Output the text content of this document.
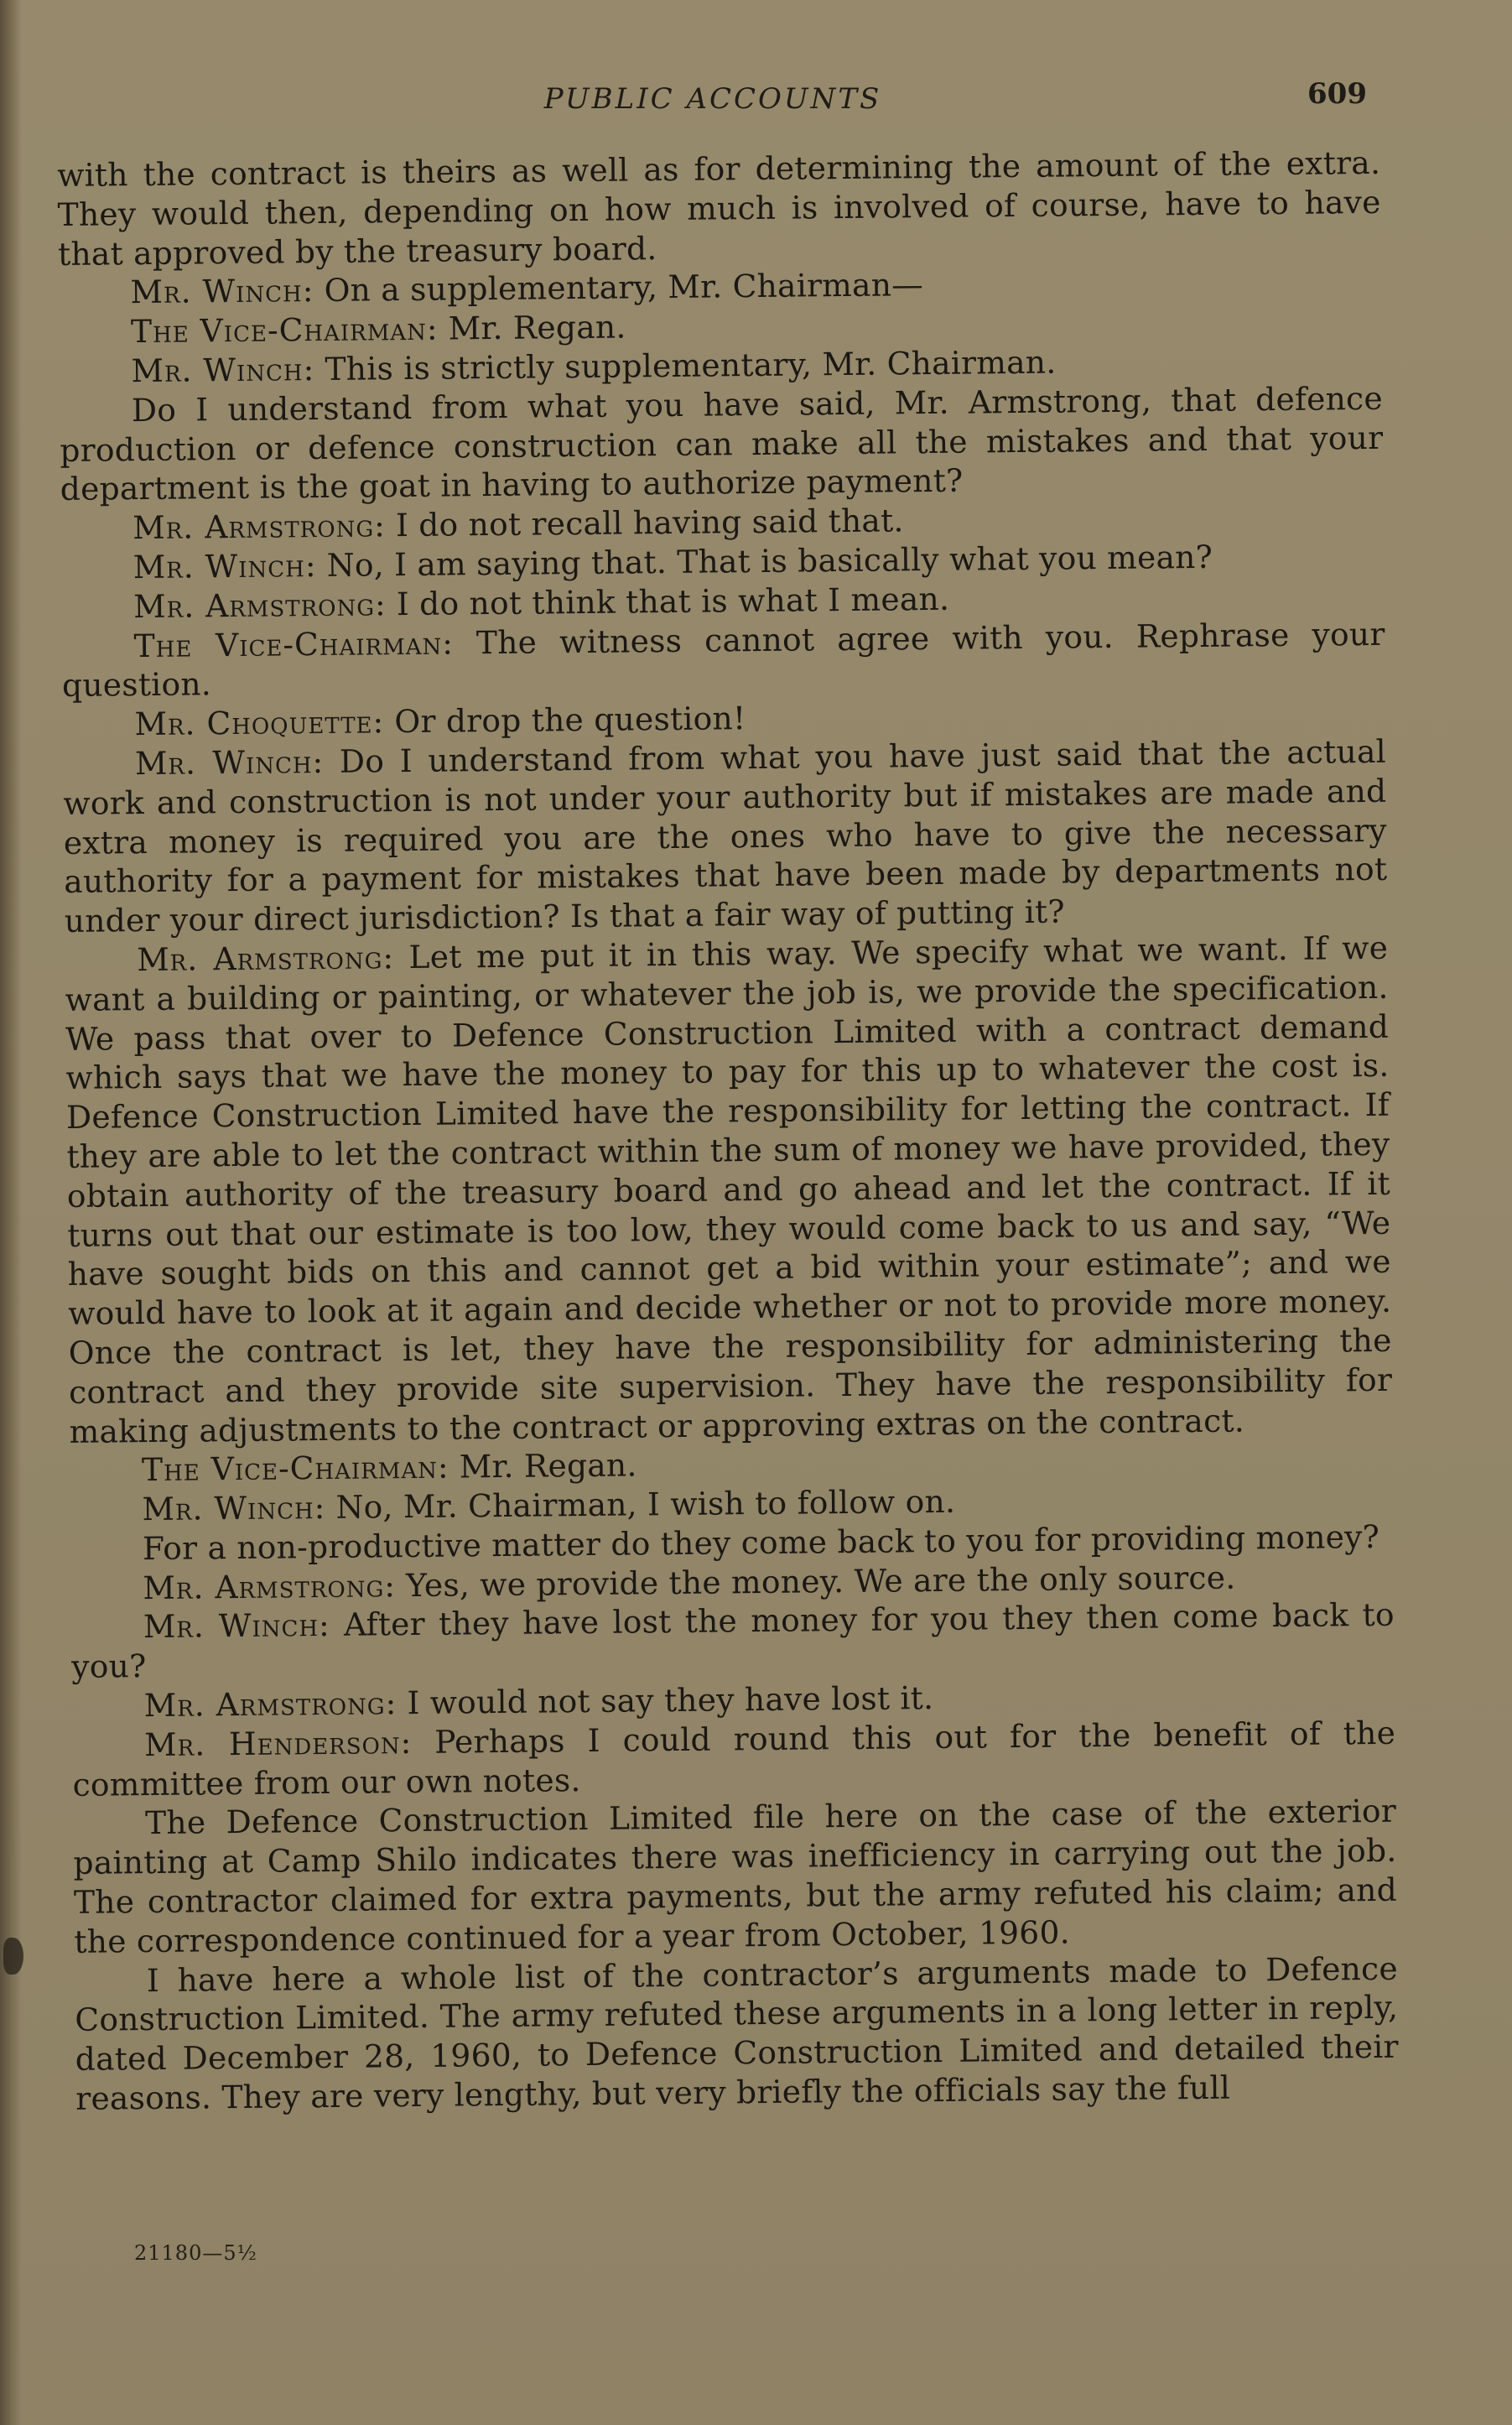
PUBLIC ACCOUNTS	609

with the contract is theirs as well as for determining the amount of the extra. They would then, depending on how much is involved of course, have to have that approved by the treasury board.

Mr. Winch: On a supplementary, Mr. Chairman—

The Vice-Chairman: Mr. Regan.

Mr. Winch: This is strictly supplementary, Mr. Chairman.

Do I understand from what you have said, Mr. Armstrong, that defence production or defence construction can make all the mistakes and that your department is the goat in having to authorize payment?

Mr. Armstrong: I do not recall having said that.

Mr. Winch: No, I am saying that. That is basically what you mean?

Mr. Armstrong: I do not think that is what I mean.

The Vice-Chairman: The witness cannot agree with you. Rephrase your question.

Mr. Choquette: Or drop the question!

Mr. Winch: Do I understand from what you have just said that the actual work and construction is not under your authority but if mistakes are made and extra money is required you are the ones who have to give the necessary authority for a payment for mistakes that have been made by departments not under your direct jurisdiction? Is that a fair way of putting it?

Mr. Armstrong: Let me put it in this way. We specify what we want. If we want a building or painting, or whatever the job is, we provide the specification. We pass that over to Defence Construction Limited with a contract demand which says that we have the money to pay for this up to whatever the cost is. Defence Construction Limited have the responsibility for letting the contract. If they are able to let the contract within the sum of money we have provided, they obtain authority of the treasury board and go ahead and let the contract. If it turns out that our estimate is too low, they would come back to us and say, “We have sought bids on this and cannot get a bid within your estimate”; and we would have to look at it again and decide whether or not to provide more money. Once the contract is let, they have the responsibility for administering the contract and they provide site supervision. They have the responsibility for making adjustments to the contract or approving extras on the contract.

The Vice-Chairman: Mr. Regan.

Mr. Winch: No, Mr. Chairman, I wish to follow on.

For a non-productive matter do they come back to you for providing money?

Mr. Armstrong: Yes, we provide the money. We are the only source.

Mr. Winch: After they have lost the money for you they then come back to you?

Mr. Armstrong: I would not say they have lost it.

Mr. Henderson: Perhaps I could round this out for the benefit of the committee from our own notes.

The Defence Construction Limited file here on the case of the exterior painting at Camp Shilo indicates there was inefficiency in carrying out the job. The contractor claimed for extra payments, but the army refuted his claim; and the correspondence continued for a year from October, 1960.

I have here a whole list of the contractor’s arguments made to Defence Construction Limited. The army refuted these arguments in a long letter in reply, dated December 28, 1960, to Defence Construction Limited and detailed their reasons. They are very lengthy, but very briefly the officials say the full

21180—5½
